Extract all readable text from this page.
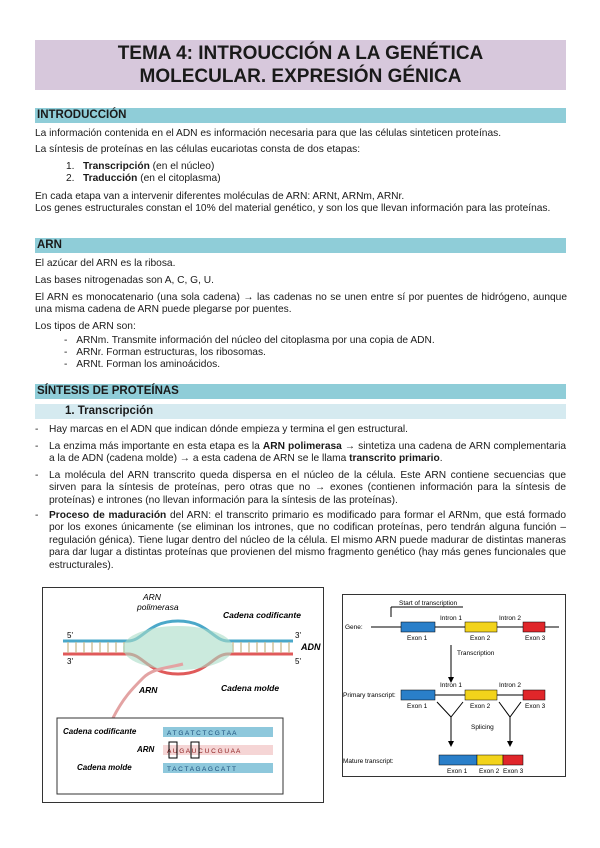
TEMA 4: INTROUCCIÓN A LA GENÉTICA
MOLECULAR. EXPRESIÓN GÉNICA
INTRODUCCIÓN
La información contenida en el ADN es información necesaria para que las células sinteticen proteínas.
La síntesis de proteínas en las células eucariotas consta de dos etapas:
1. Transcripción (en el núcleo)
2. Traducción (en el citoplasma)
En cada etapa van a intervenir diferentes moléculas de ARN: ARNt, ARNm, ARNr.
Los genes estructurales constan el 10% del material genético, y son los que llevan información para las proteínas.
ARN
El azúcar del ARN es la ribosa.
Las bases nitrogenadas son A, C, G, U.
El ARN es monocatenario (una sola cadena) → las cadenas no se unen entre sí por puentes de hidrógeno, aunque una misma cadena de ARN puede plegarse por puentes.
Los tipos de ARN son:
- ARNm. Transmite información del núcleo del citoplasma por una copia de ADN.
- ARNr. Forman estructuras, los ribosomas.
- ARNt. Forman los aminoácidos.
SÍNTESIS DE PROTEÍNAS
1. Transcripción
- Hay marcas en el ADN que indican dónde empieza y termina el gen estructural.
- La enzima más importante en esta etapa es la ARN polimerasa → sintetiza una cadena de ARN complementaria a la de ADN (cadena molde) → a esta cadena de ARN se le llama transcrito primario.
- La molécula del ARN transcrito queda dispersa en el núcleo de la célula. Este ARN contiene secuencias que sirven para la síntesis de proteínas, pero otras que no → exones (contienen información para la síntesis de proteínas) e intrones (no llevan información para la síntesis de las proteínas).
- Proceso de maduración del ARN: el transcrito primario es modificado para formar el ARNm, que está formado por los exones únicamente (se eliminan los intrones, que no codifican proteínas, pero tendrán alguna función – regulación génica). Tiene lugar dentro del núcleo de la célula. El mismo ARN puede madurar de distintas maneras para dar lugar a distintas proteínas que provienen del mismo fragmento genético (hay más genes funcionales que estructurales).
5'
3'
3'
5'
ARN
polimerasa
Cadena codificante
ADN
Cadena molde
ARN
Cadena codificante
ARN
Cadena molde
A T G A T C T C G T A A
A U G A U C U C G U A A
T A C T A G A G C A T T
Start of transcription
Gene:
Intron 1	Intron 2
Exon 1	Exon 2	Exon 3
Transcription
Primary transcript:
Intron 1	Intron 2
Exon 1	Exon 2	Exon 3
Splicing
Mature transcript:
Exon 1 Exon 2 Exon 3
